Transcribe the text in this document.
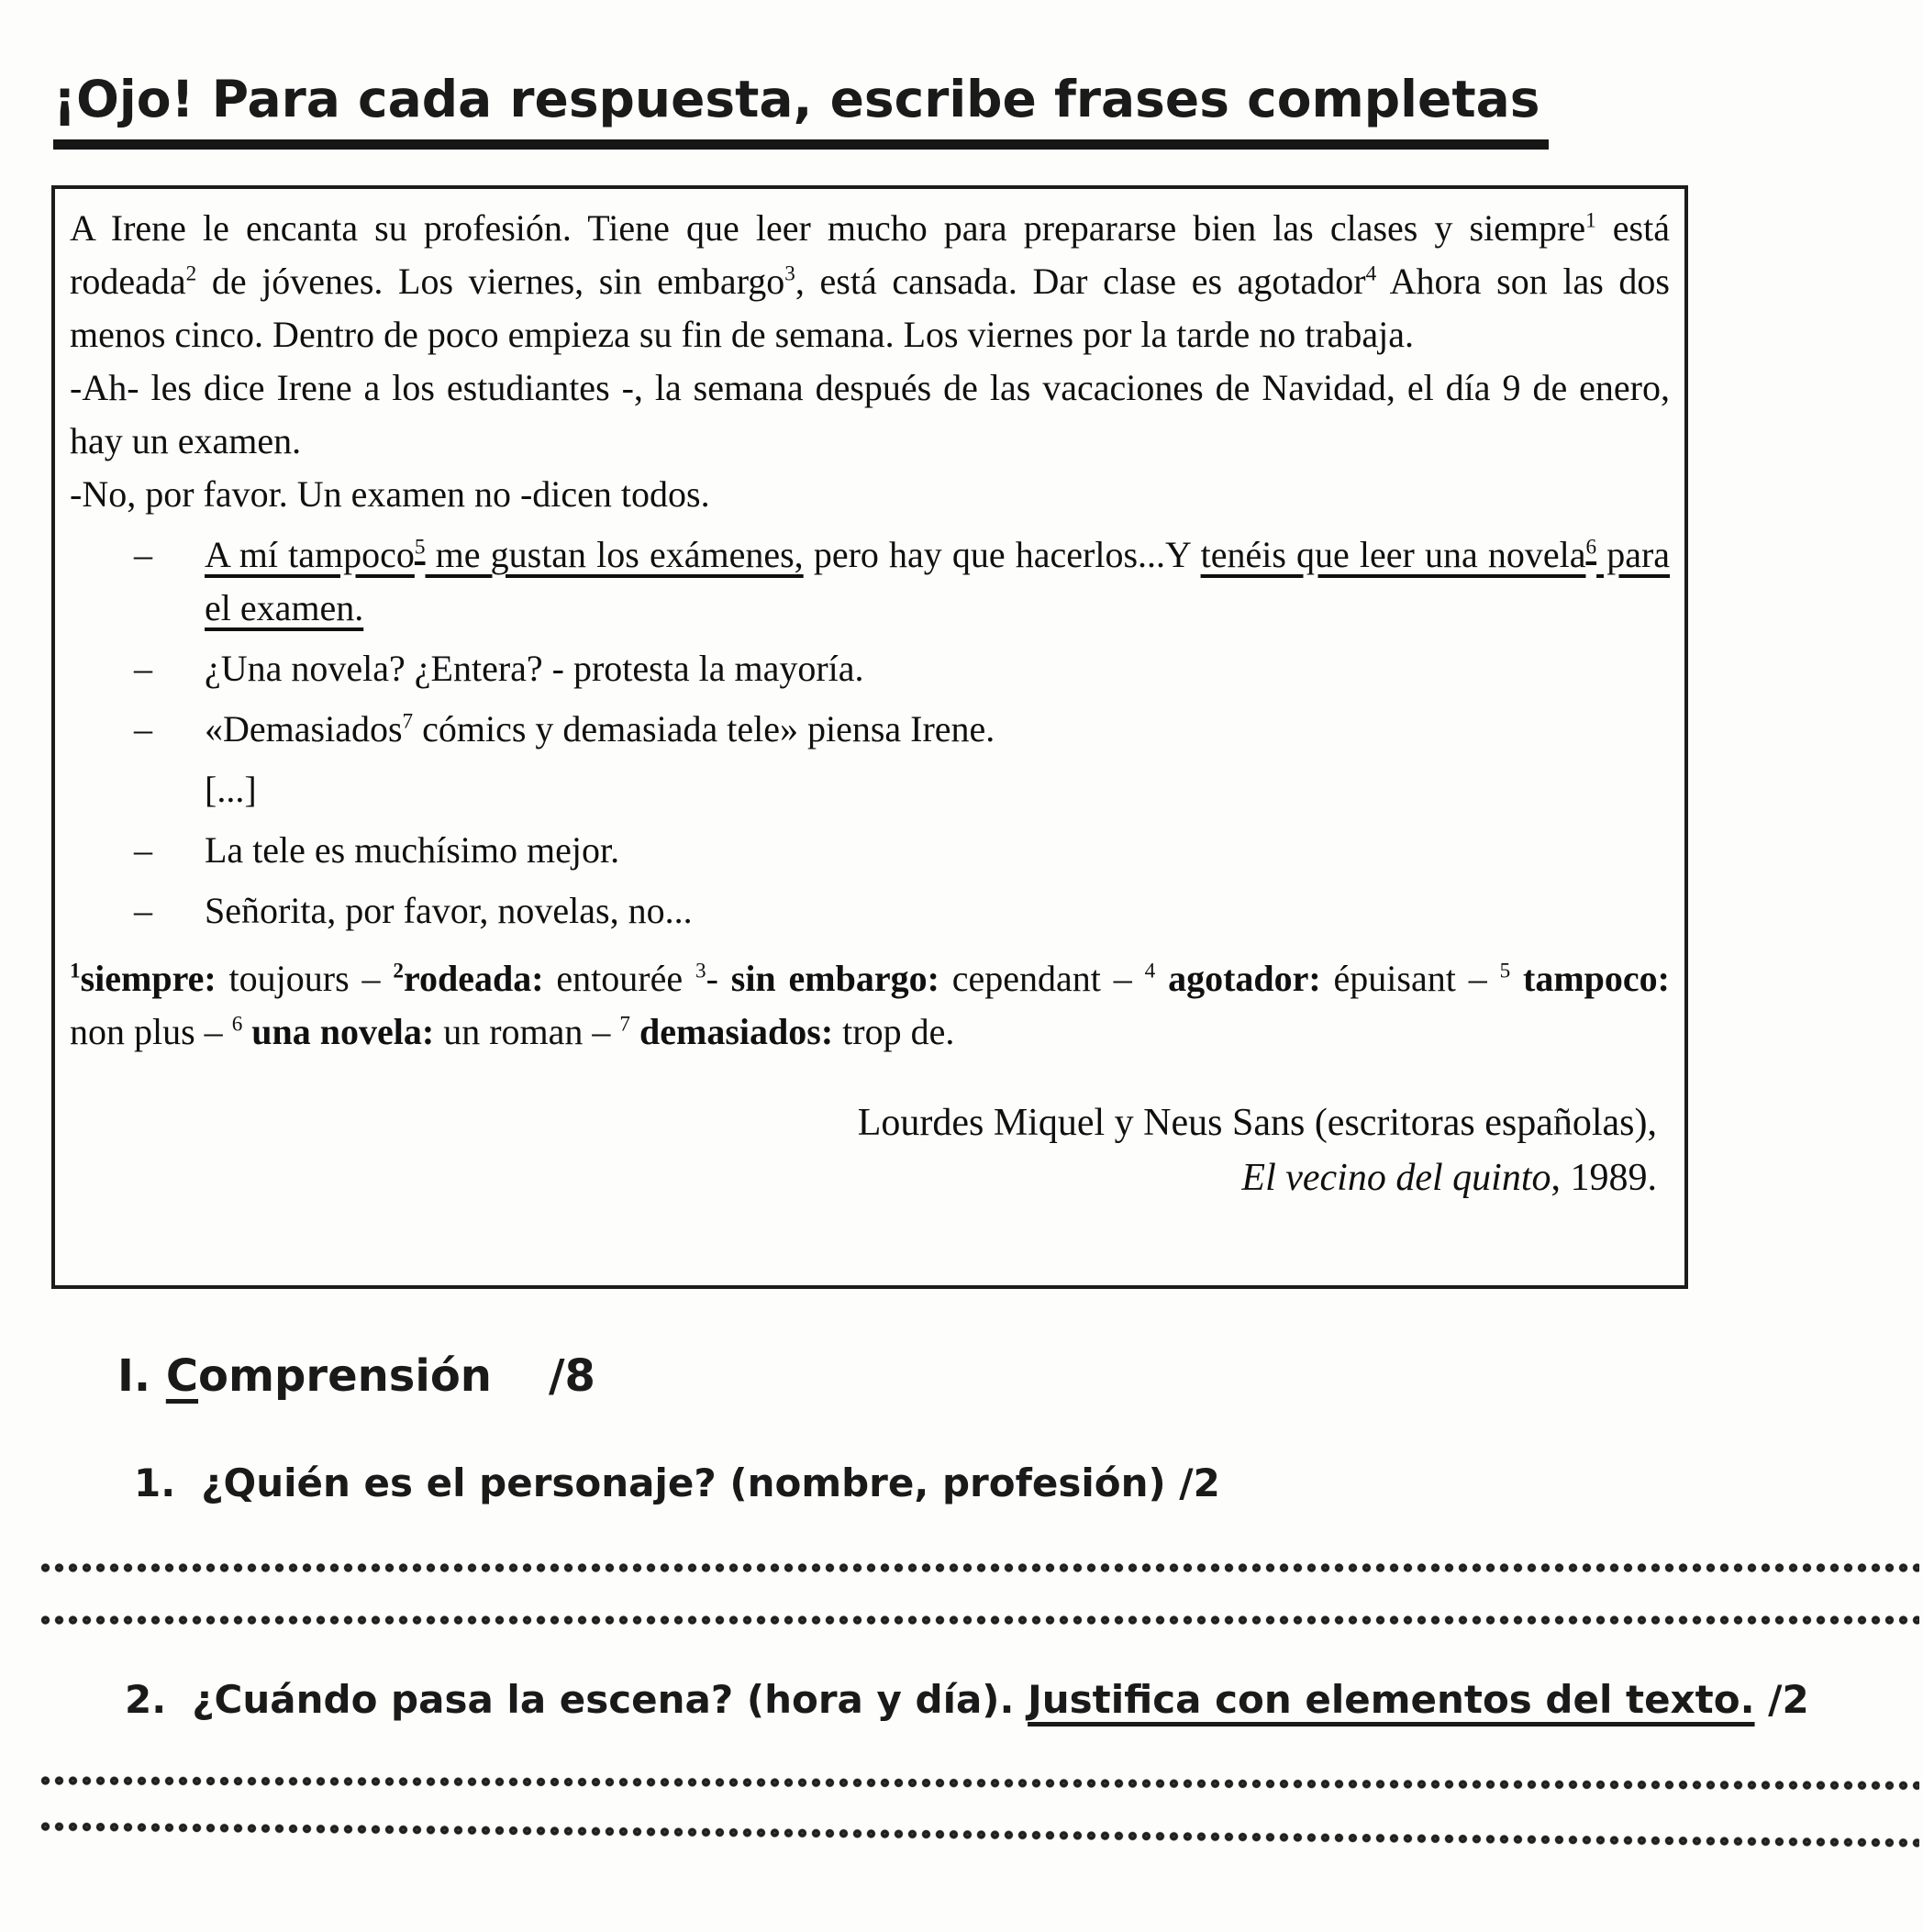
¡Ojo! Para cada respuesta, escribe frases completas

A Irene le encanta su profesión. Tiene que leer mucho para prepararse bien las clases y siempre$^1$ está rodeada$^2$ de jóvenes. Los viernes, sin embargo$^3$, está cansada. Dar clase es agotador$^4$ Ahora son las dos menos cinco. Dentro de poco empieza su fin de semana. Los viernes por la tarde no trabaja.

-Ah- les dice Irene a los estudiantes -, la semana después de las vacaciones de Navidad, el día 9 de enero, hay un examen.

-No, por favor. Un examen no -dicen todos.

– A mí tampoco$^5$ me gustan los exámenes, pero hay que hacerlos...Y tenéis que leer una novela$^6$ para el examen.
– ¿Una novela? ¿Entera? - protesta la mayoría.
– «Demasiados$^7$ cómics y demasiada tele» piensa Irene.
[...]
– La tele es muchísimo mejor.
– Señorita, por favor, novelas, no...

$^1$siempre: toujours – $^2$rodeada: entourée $^3$- sin embargo: cependant – $^4$ agotador: épuisant – $^5$ tampoco: non plus – $^6$ una novela: un roman – $^7$ demasiados: trop de.

Lourdes Miquel y Neus Sans (escritoras españolas),
El vecino del quinto, 1989.

I. Comprensión /8
1. ¿Quién es el personaje? (nombre, profesión) /2
2. ¿Cuándo pasa la escena? (hora y día). Justifica con elementos del texto. /2
